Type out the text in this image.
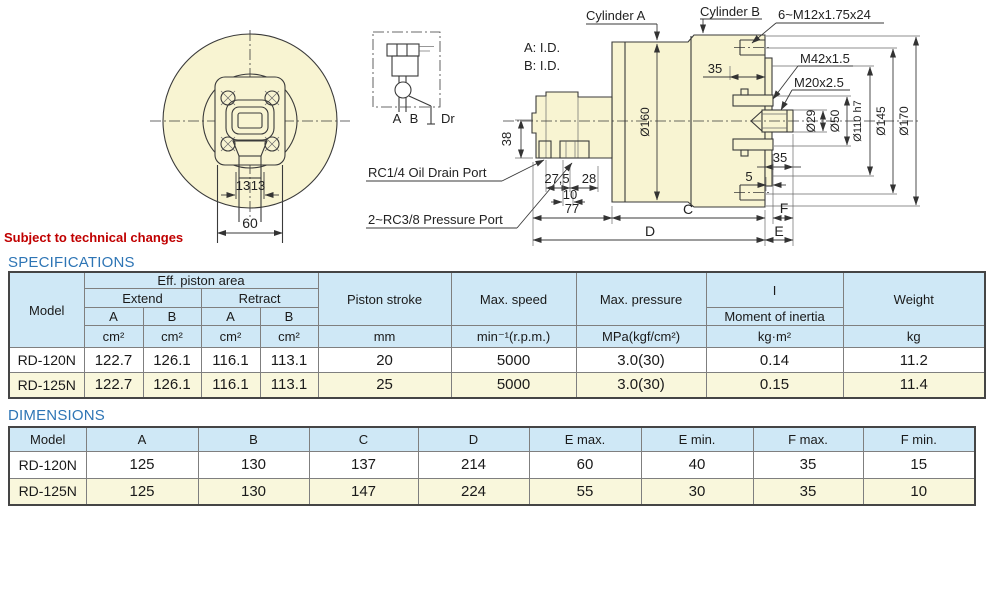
13 13
60
A B Dr	Ø160	Ø29 Ø50 Ø110 h7 Ø145 Ø170
35
35
5
38
27,5 28
10
77	C	F
D	E
Cylinder A	Cylinder B 6~M12x1.75x24
A: I.D.
B: I.D.	M42x1.5
M20x2.5
RC1/4 Oil Drain Port
2~RC3/8 Pressure Port
Subject to technical changes
SPECIFICATIONS
Model	Eff. piston area				Piston stroke	Max. speed	Max. pressure	I	Weight
	Extend		Retract						
	A	B	A	B				Moment of inertia	
	cm²	cm²	cm²	cm²	mm	min⁻¹(r.p.m.)	MPa(kgf/cm²)	kg·m²	kg
RD-120N	122.7	126.1	116.1	113.1	20	5000	3.0(30)	0.14	11.2
RD-125N	122.7	126.1	116.1	113.1	25	5000	3.0(30)	0.15	11.4
DIMENSIONS
Model	A	B	C	D	E max.	E min.	F max.	F min.
RD-120N	125	130	137	214	60	40	35	15
RD-125N	125	130	147	224	55	30	35	10
